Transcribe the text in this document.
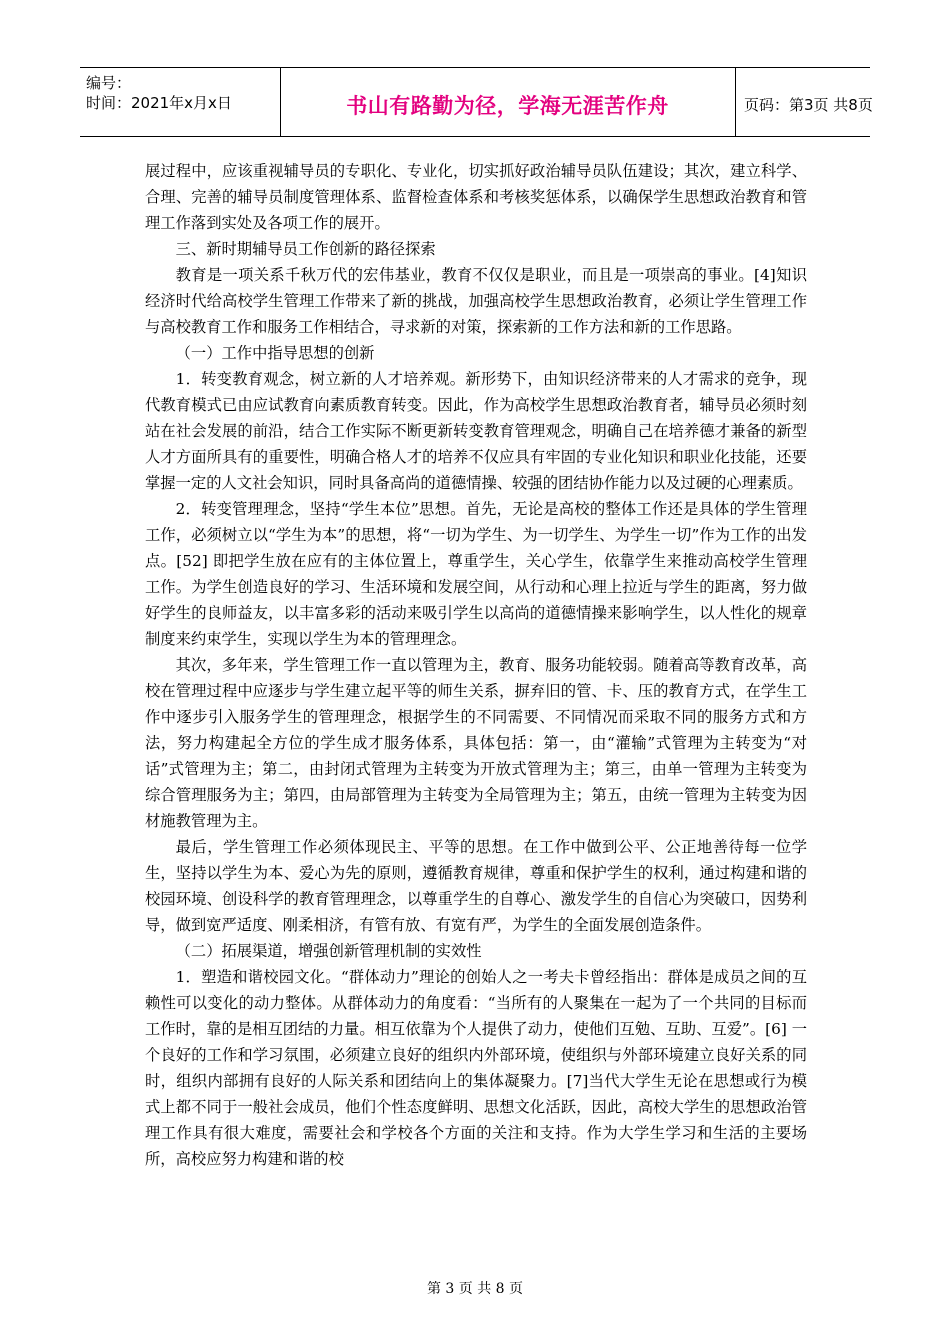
编号：
时间：2021年x月x日	书山有路勤为径，学海无涯苦作舟	页码：第3页 共8页

展过程中，应该重视辅导员的专职化、专业化，切实抓好政治辅导员队伍建设；其次，建立科学、合理、完善的辅导员制度管理体系、监督检查体系和考核奖惩体系，以确保学生思想政治教育和管理工作落到实处及各项工作的展开。

三、新时期辅导员工作创新的路径探索

教育是一项关系千秋万代的宏伟基业，教育不仅仅是职业，而且是一项崇高的事业。[4]知识经济时代给高校学生管理工作带来了新的挑战，加强高校学生思想政治教育，必须让学生管理工作与高校教育工作和服务工作相结合，寻求新的对策，探索新的工作方法和新的工作思路。

（一）工作中指导思想的创新

1．转变教育观念，树立新的人才培养观。新形势下，由知识经济带来的人才需求的竞争，现代教育模式已由应试教育向素质教育转变。因此，作为高校学生思想政治教育者，辅导员必须时刻站在社会发展的前沿，结合工作实际不断更新转变教育管理观念，明确自己在培养德才兼备的新型人才方面所具有的重要性，明确合格人才的培养不仅应具有牢固的专业化知识和职业化技能，还要掌握一定的人文社会知识，同时具备高尚的道德情操、较强的团结协作能力以及过硬的心理素质。

2．转变管理理念，坚持“学生本位”思想。首先，无论是高校的整体工作还是具体的学生管理工作，必须树立以“学生为本”的思想，将“一切为学生、为一切学生、为学生一切”作为工作的出发点。[52] 即把学生放在应有的主体位置上，尊重学生，关心学生，依靠学生来推动高校学生管理工作。为学生创造良好的学习、生活环境和发展空间，从行动和心理上拉近与学生的距离，努力做好学生的良师益友，以丰富多彩的活动来吸引学生以高尚的道德情操来影响学生，以人性化的规章制度来约束学生，实现以学生为本的管理理念。

其次，多年来，学生管理工作一直以管理为主，教育、服务功能较弱。随着高等教育改革，高校在管理过程中应逐步与学生建立起平等的师生关系，摒弃旧的管、卡、压的教育方式，在学生工作中逐步引入服务学生的管理理念，根据学生的不同需要、不同情况而采取不同的服务方式和方法，努力构建起全方位的学生成才服务体系，具体包括：第一，由“灌输”式管理为主转变为“对话”式管理为主；第二，由封闭式管理为主转变为开放式管理为主；第三，由单一管理为主转变为综合管理服务为主；第四，由局部管理为主转变为全局管理为主；第五，由统一管理为主转变为因材施教管理为主。

最后，学生管理工作必须体现民主、平等的思想。在工作中做到公平、公正地善待每一位学生，坚持以学生为本、爱心为先的原则，遵循教育规律，尊重和保护学生的权利，通过构建和谐的校园环境、创设科学的教育管理理念，以尊重学生的自尊心、激发学生的自信心为突破口，因势利导，做到宽严适度、刚柔相济，有管有放、有宽有严，为学生的全面发展创造条件。

（二）拓展渠道，增强创新管理机制的实效性

1．塑造和谐校园文化。“群体动力”理论的创始人之一考夫卡曾经指出：群体是成员之间的互赖性可以变化的动力整体。从群体动力的角度看：“当所有的人聚集在一起为了一个共同的目标而工作时，靠的是相互团结的力量。相互依靠为个人提供了动力，使他们互勉、互助、互爱”。[6] 一个良好的工作和学习氛围，必须建立良好的组织内外部环境，使组织与外部环境建立良好关系的同时，组织内部拥有良好的人际关系和团结向上的集体凝聚力。[7]当代大学生无论在思想或行为模式上都不同于一般社会成员，他们个性态度鲜明、思想文化活跃，因此，高校大学生的思想政治管理工作具有很大难度，需要社会和学校各个方面的关注和支持。作为大学生学习和生活的主要场所，高校应努力构建和谐的校

第 3 页 共 8 页
